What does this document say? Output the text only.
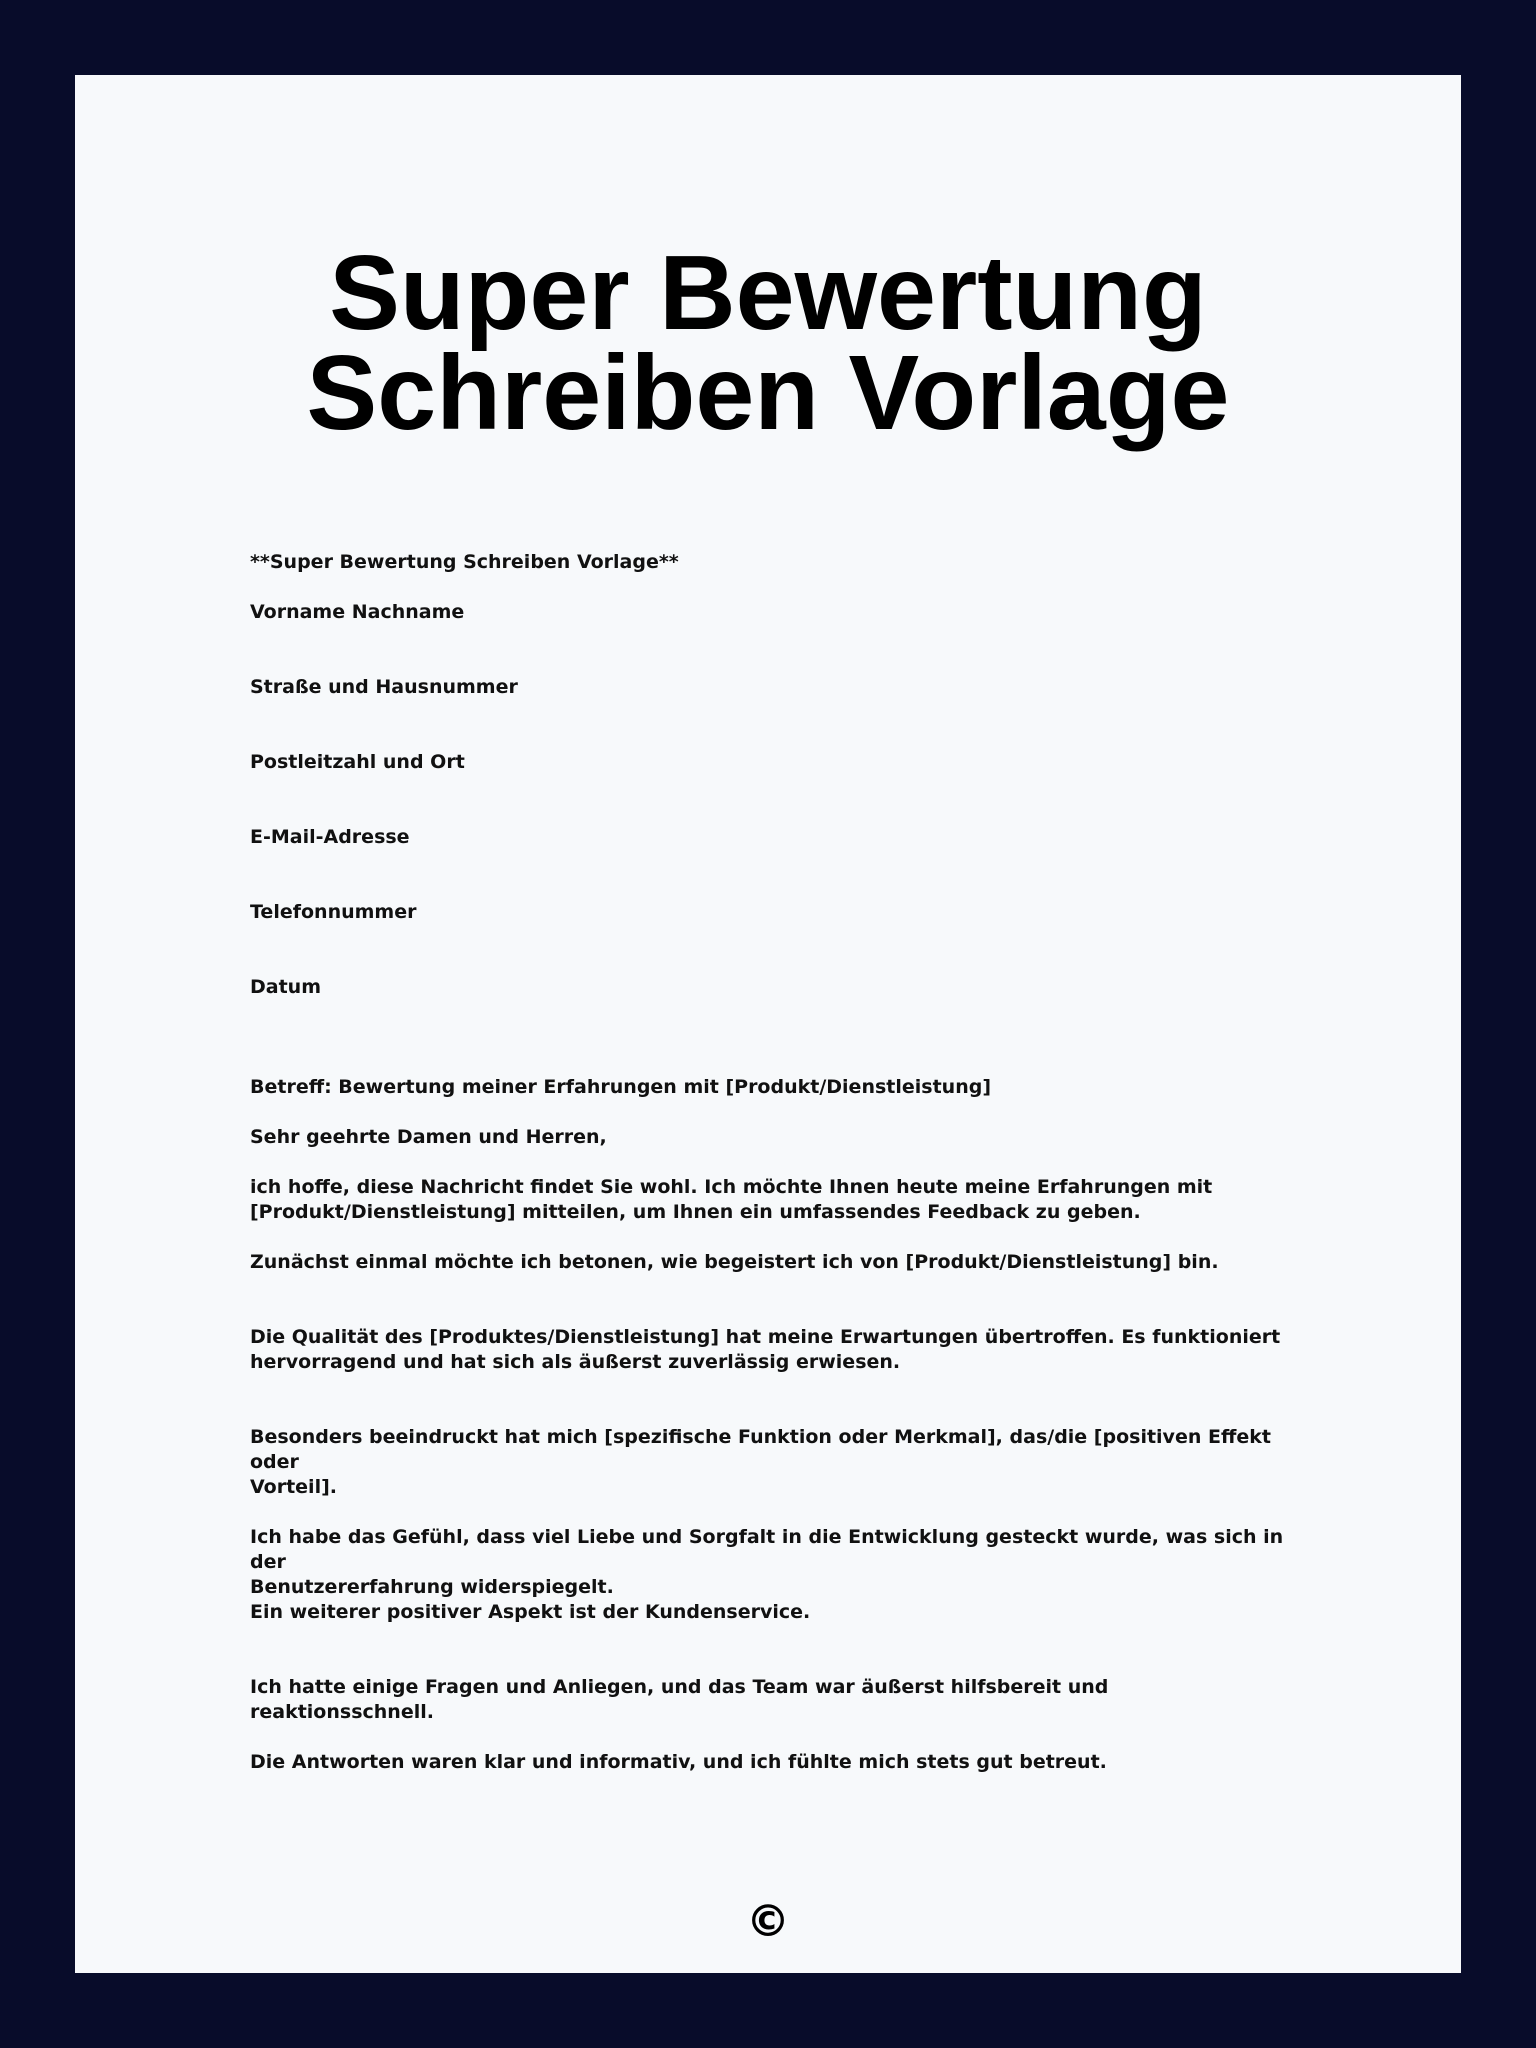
Super Bewertung Schreiben Vorlage

**Super Bewertung Schreiben Vorlage**

Vorname Nachname

Straße und Hausnummer

Postleitzahl und Ort

E-Mail-Adresse

Telefonnummer

Datum

Betreff: Bewertung meiner Erfahrungen mit [Produkt/Dienstleistung]

Sehr geehrte Damen und Herren,

ich hoffe, diese Nachricht findet Sie wohl. Ich möchte Ihnen heute meine Erfahrungen mit
[Produkt/Dienstleistung] mitteilen, um Ihnen ein umfassendes Feedback zu geben.

Zunächst einmal möchte ich betonen, wie begeistert ich von [Produkt/Dienstleistung] bin.

Die Qualität des [Produktes/Dienstleistung] hat meine Erwartungen übertroffen. Es funktioniert
hervorragend und hat sich als äußerst zuverlässig erwiesen.

Besonders beeindruckt hat mich [spezifische Funktion oder Merkmal], das/die [positiven Effekt oder
Vorteil].

Ich habe das Gefühl, dass viel Liebe und Sorgfalt in die Entwicklung gesteckt wurde, was sich in der
Benutzererfahrung widerspiegelt.

Ein weiterer positiver Aspekt ist der Kundenservice.

Ich hatte einige Fragen und Anliegen, und das Team war äußerst hilfsbereit und reaktionsschnell.

Die Antworten waren klar und informativ, und ich fühlte mich stets gut betreut.

©
